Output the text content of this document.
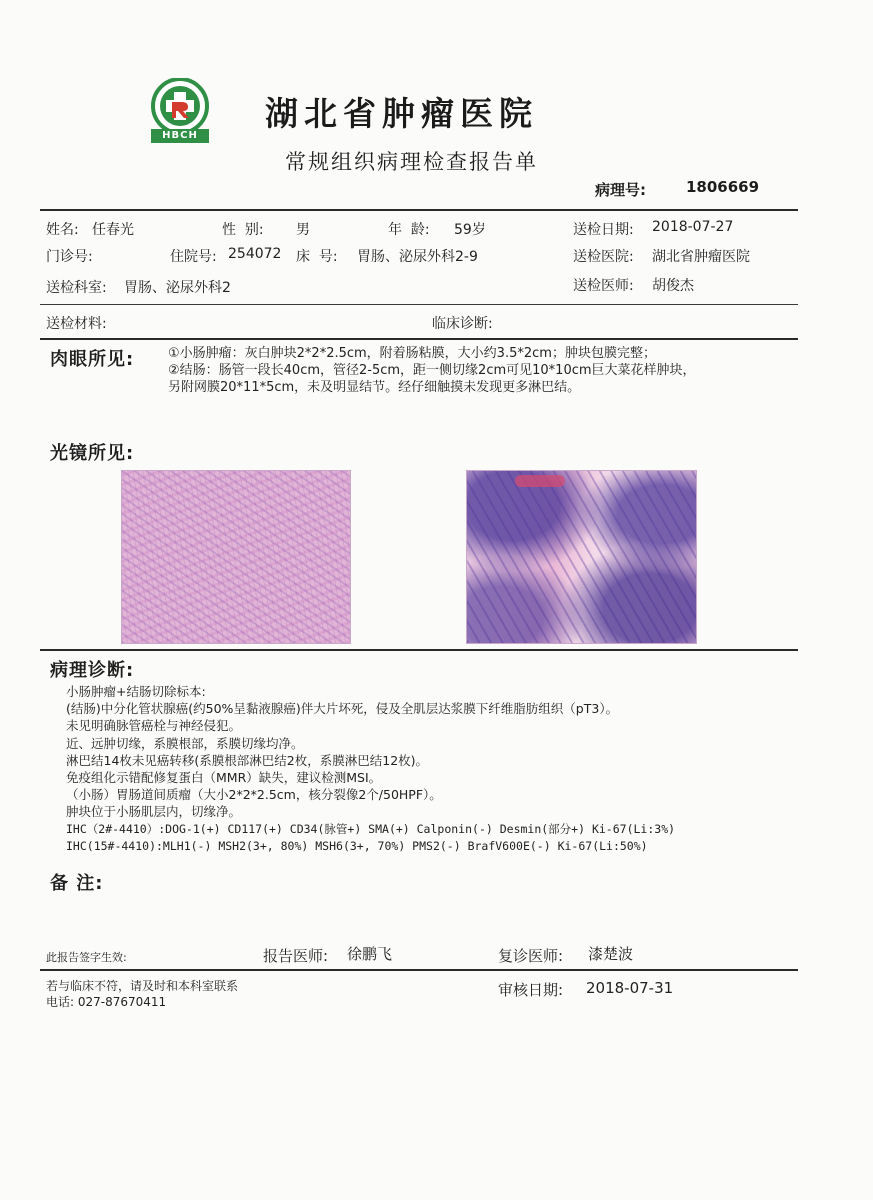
HBCH
湖北省肿瘤医院
常规组织病理检查报告单
病理号:	1806669
姓名: 任春光	性  别: 男	年  龄: 59岁	送检日期: 2018-07-27
门诊号:	住院号: 254072 床  号: 胃肠、泌尿外科2-9	送检医院: 湖北省肿瘤医院
送检科室: 胃肠、泌尿外科2	送检医师: 胡俊杰
送检材料:	临床诊断:
肉眼所见:	①小肠肿瘤：灰白肿块2*2*2.5cm，附着肠粘膜，大小约3.5*2cm；肿块包膜完整；
②结肠：肠管一段长40cm，管径2-5cm，距一侧切缘2cm可见10*10cm巨大菜花样肿块，
另附网膜20*11*5cm，未及明显结节。经仔细触摸未发现更多淋巴结。
光镜所见:
病理诊断:
小肠肿瘤+结肠切除标本:
(结肠)中分化管状腺癌(约50%呈黏液腺癌)伴大片坏死，侵及全肌层达浆膜下纤维脂肪组织（pT3）。
未见明确脉管癌栓与神经侵犯。
近、远肿切缘，系膜根部，系膜切缘均净。
淋巴结14枚未见癌转移(系膜根部淋巴结2枚，系膜淋巴结12枚)。
免疫组化示错配修复蛋白（MMR）缺失，建议检测MSI。
（小肠）胃肠道间质瘤（大小2*2*2.5cm，核分裂像2个/50HPF）。
肿块位于小肠肌层内，切缘净。
IHC（2#-4410）:DOG-1(+) CD117(+) CD34(脉管+) SMA(+) Calponin(-) Desmin(部分+) Ki-67(Li:3%)
IHC(15#-4410):MLH1(-) MSH2(3+, 80%) MSH6(3+, 70%) PMS2(-) BrafV600E(-) Ki-67(Li:50%)
备 注:
此报告签字生效:	报告医师: 徐鹏飞	复诊医师: 漆楚波
若与临床不符，请及时和本科室联系
电话: 027-87670411
审核日期: 2018-07-31
